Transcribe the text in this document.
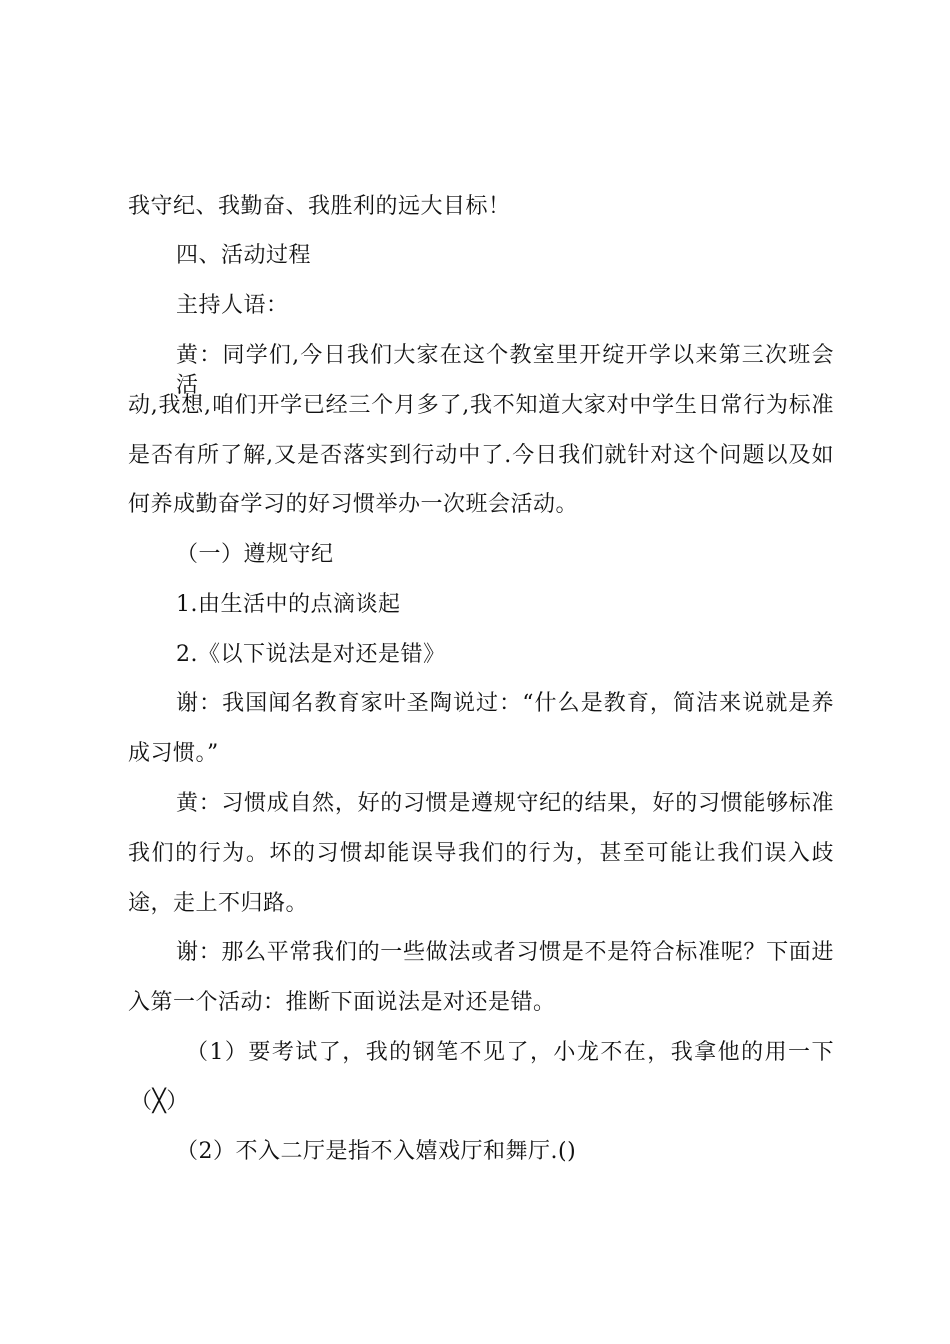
我守纪、我勤奋、我胜利的远大目标！
四、活动过程
主持人语：
黄：同学们,今日我们大家在这个教室里开绽开学以来第三次班会活
动,我想,咱们开学已经三个月多了,我不知道大家对中学生日常行为标准
是否有所了解,又是否落实到行动中了.今日我们就针对这个问题以及如
何养成勤奋学习的好习惯举办一次班会活动。
（一）遵规守纪
1.由生活中的点滴谈起
2.《以下说法是对还是错》
谢：我国闻名教育家叶圣陶说过：“什么是教育，简洁来说就是养
成习惯。”
黄：习惯成自然，好的习惯是遵规守纪的结果，好的习惯能够标准
我们的行为。坏的习惯却能误导我们的行为，甚至可能让我们误入歧
途，走上不归路。
谢：那么平常我们的一些做法或者习惯是不是符合标准呢？下面进
入第一个活动：推断下面说法是对还是错。
（1）要考试了，我的钢笔不见了，小龙不在，我拿他的用一下
（╳）
（2）不入二厅是指不入嬉戏厅和舞厅.()
